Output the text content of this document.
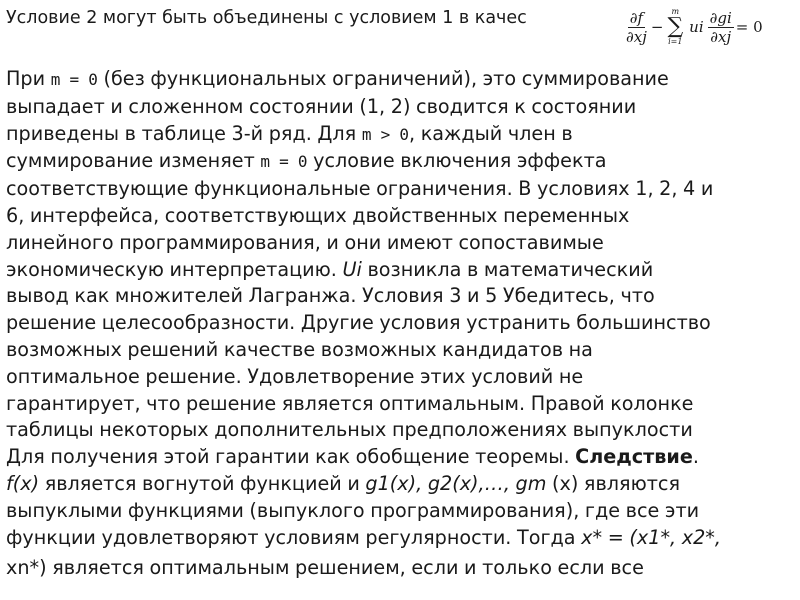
Условие 2 могут быть объединены с условием 1 в качес	$\frac{\partial f}{\partial xj}$ −
m
∑
i=1
ui $\frac{\partial gi}{\partial xj} = 0$
При m = 0 (без функциональных ограничений), это суммирование
выпадает и сложенном состоянии (1, 2) сводится к состоянии
приведены в таблице 3-й ряд. Для m > 0, каждый член в
суммирование изменяет m = 0 условие включения эффекта
соответствующие функциональные ограничения. В условиях 1, 2, 4 и
6, интерфейса, соответствующих двойственных переменных
линейного программирования, и они имеют сопоставимые
экономическую интерпретацию. Ui возникла в математический
вывод как множителей Лагранжа. Условия 3 и 5 Убедитесь, что
решение целесообразности. Другие условия устранить большинство
возможных решений качестве возможных кандидатов на
оптимальное решение. Удовлетворение этих условий не
гарантирует, что решение является оптимальным. Правой колонке
таблицы некоторых дополнительных предположениях выпуклости
Для получения этой гарантии как обобщение теоремы. Следствие.
f(x) является вогнутой функцией и g1(x), g2(x),…, gm (x) являются
выпуклыми функциями (выпуклого программирования), где все эти
функции удовлетворяют условиям регулярности. Тогда x* = (x1*, x2*,
xn*) является оптимальным решением, если и только если все
